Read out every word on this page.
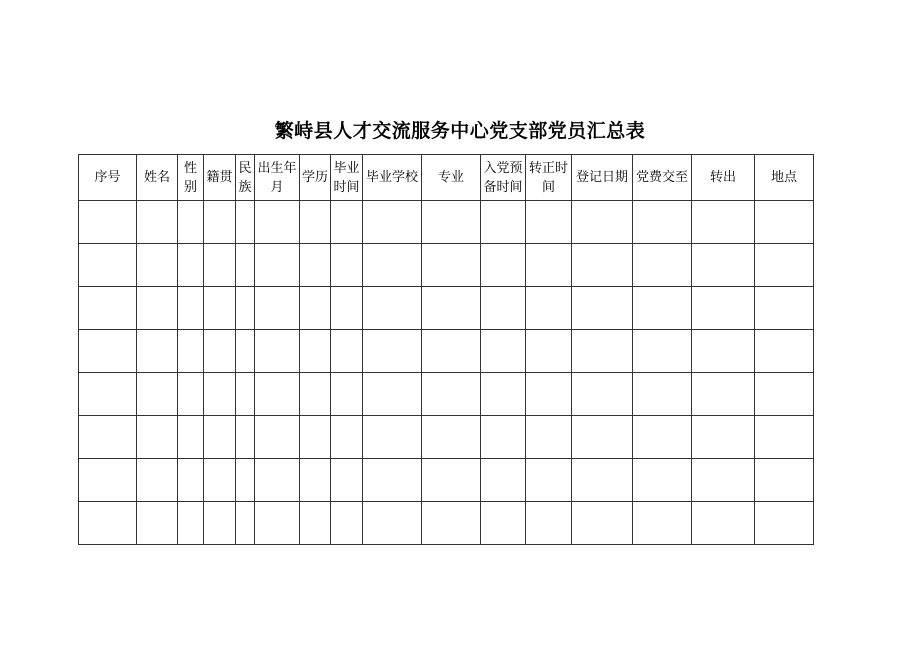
繁峙县人才交流服务中心党支部党员汇总表
序号	姓名	性别	籍贯	民族	出生年月	学历	毕业时间	毕业学校	专业	入党预备时间	转正时间	登记日期	党费交至	转出	地点
